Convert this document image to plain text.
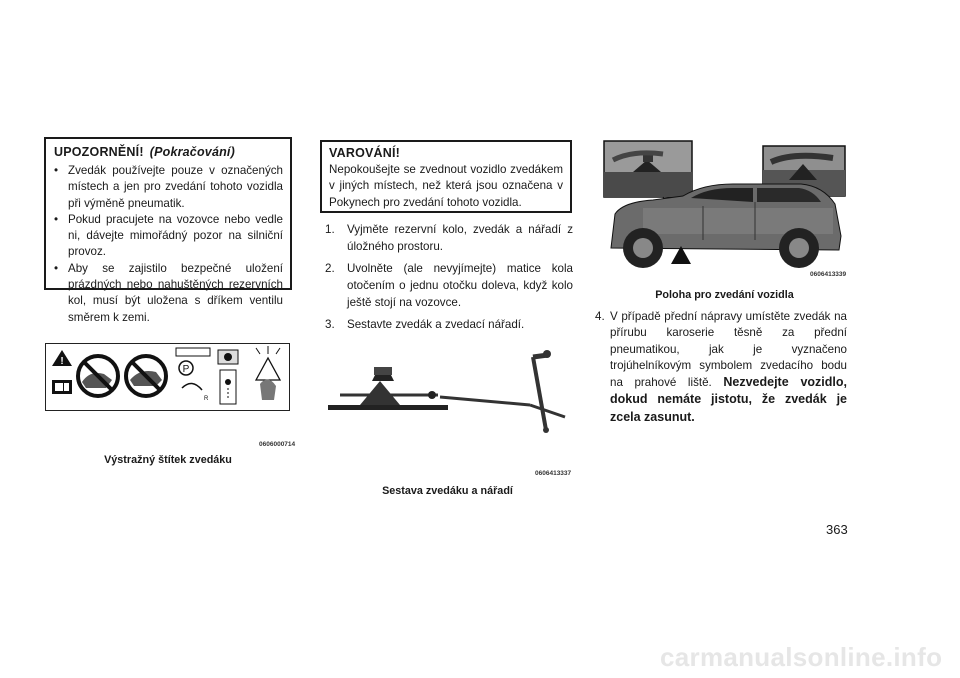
UPOZORNĚNÍ! (Pokračování)
• Zvedák používejte pouze v označených místech a jen pro zvedání tohoto vozidla při výměně pneumatik.
• Pokud pracujete na vozovce nebo vedle ni, dávejte mimořádný pozor na silniční provoz.
• Aby se zajistilo bezpečné uložení prázdných nebo nahuštěných rezervních kol, musí být uložena s dříkem ventilu směrem k zemi.
!
P
R
0606000714
Výstražný štítek zvedáku
VAROVÁNÍ!
Nepokoušejte se zvednout vozidlo zvedákem v jiných místech, než která jsou označena v Pokynech pro zvedání tohoto vozidla.
1. Vyjměte rezervní kolo, zvedák a nářadí z úložného prostoru.
2. Uvolněte (ale nevyjímejte) matice kola otočením o jednu otočku doleva, když kolo ještě stojí na vozovce.
3. Sestavte zvedák a zvedací nářadí.
0606413337
Sestava zvedáku a nářadí
0606413339
Poloha pro zvedání vozidla
4. V případě přední nápravy umístěte zvedák na přírubu karoserie těsně za přední pneumatikou, jak je vyznačeno trojúhelníkovým symbolem zvedacího bodu na prahové liště. Nezvedejte vozidlo, dokud nemáte jistotu, že zvedák je zcela zasunut.
363
carmanualsonline.info
